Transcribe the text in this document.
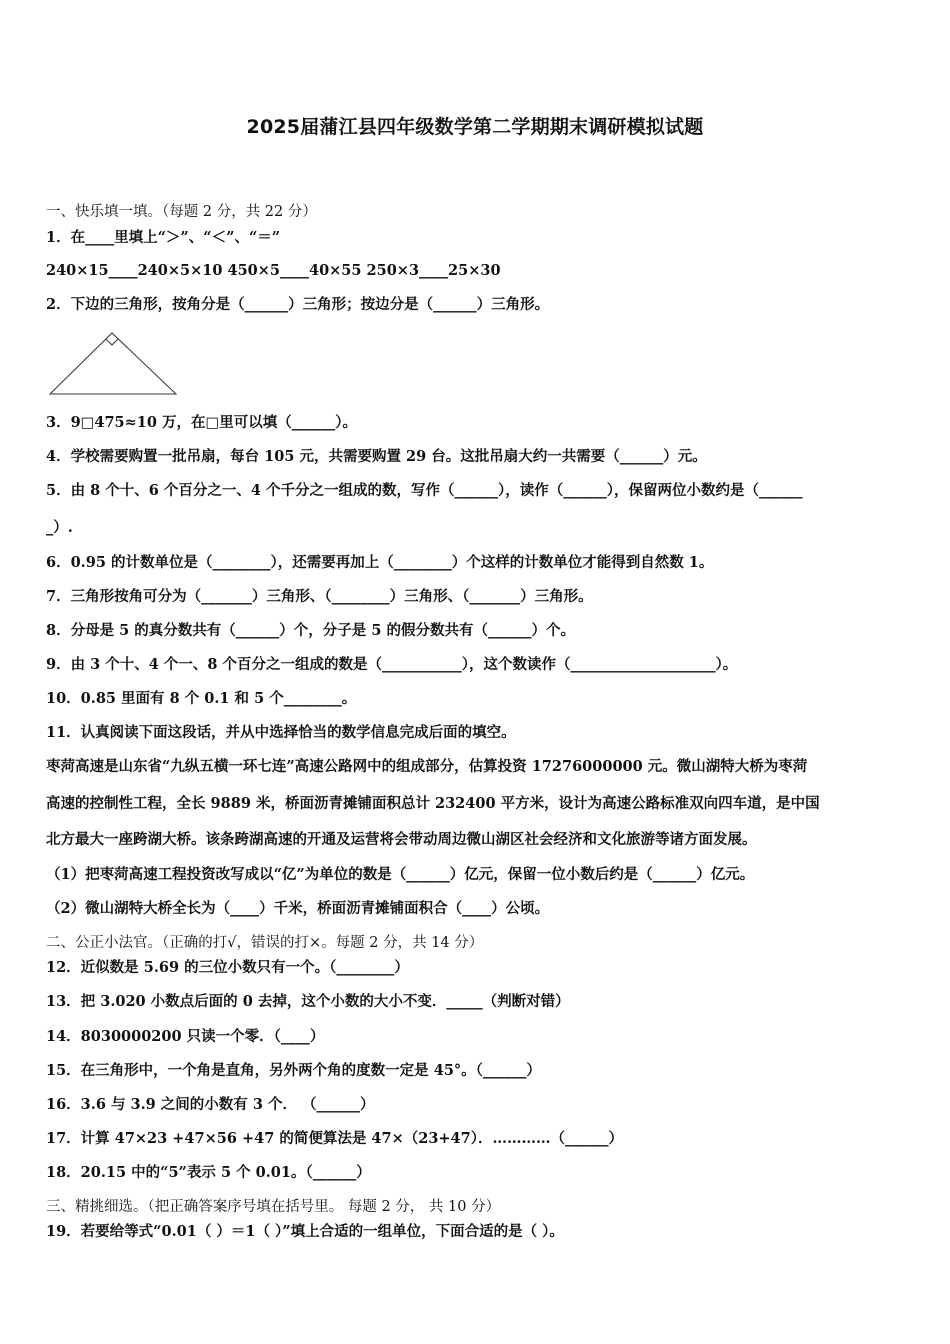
2025届蒲江县四年级数学第二学期期末调研模拟试题
一、快乐填一填。（每题 2 分，共 22 分）
1．在____里填上“＞”、“＜”、“＝”
240×15____240×5×10 450×5____40×55 250×3____25×30
2．下边的三角形，按角分是（______）三角形；按边分是（______）三角形。
3．9□475≈10 万，在□里可以填（______）。
4．学校需要购置一批吊扇，每台 105 元，共需要购置 29 台。这批吊扇大约一共需要（______）元。
5．由 8 个十、6 个百分之一、4 个千分之一组成的数，写作（______），读作（______），保留两位小数约是（______
_）.
6．0.95 的计数单位是（________），还需要再加上（________）个这样的计数单位才能得到自然数 1。
7．三角形按角可分为（_______）三角形、（________）三角形、（_______）三角形。
8．分母是 5 的真分数共有（______）个，分子是 5 的假分数共有（______）个。
9．由 3 个十、4 个一、8 个百分之一组成的数是（___________），这个数读作（____________________）。
10．0.85 里面有 8 个 0.1 和 5 个________。
11．认真阅读下面这段话，并从中选择恰当的数学信息完成后面的填空。
枣菏高速是山东省“九纵五横一环七连”高速公路网中的组成部分，估算投资 17276000000 元。微山湖特大桥为枣菏
高速的控制性工程，全长 9889 米，桥面沥青摊铺面积总计 232400 平方米，设计为高速公路标准双向四车道，是中国
北方最大一座跨湖大桥。该条跨湖高速的开通及运营将会带动周边微山湖区社会经济和文化旅游等诸方面发展。
（1）把枣菏高速工程投资改写成以“亿”为单位的数是（______）亿元，保留一位小数后约是（______）亿元。
（2）微山湖特大桥全长为（____）千米，桥面沥青摊铺面积合（____）公顷。
二、公正小法官。（正确的打√，错误的打×。每题 2 分，共 14 分）
12．近似数是 5.69 的三位小数只有一个。（________）
13．把 3.020 小数点后面的 0 去掉，这个小数的大小不变．_____（判断对错）
14．8030000200 只读一个零．（____）
15．在三角形中，一个角是直角，另外两个角的度数一定是 45°。（______）
16．3.6 与 3.9 之间的小数有 3 个． （______）
17．计算 47×23 +47×56 +47 的简便算法是 47×（23+47）．…………（______）
18．20.15 中的“5”表示 5 个 0.01。（______）
三、精挑细选。（把正确答案序号填在括号里。 每题 2 分， 共 10 分）
19．若要给等式“0.01（ ）＝1（ ）”填上合适的一组单位，下面合适的是（ ）。
